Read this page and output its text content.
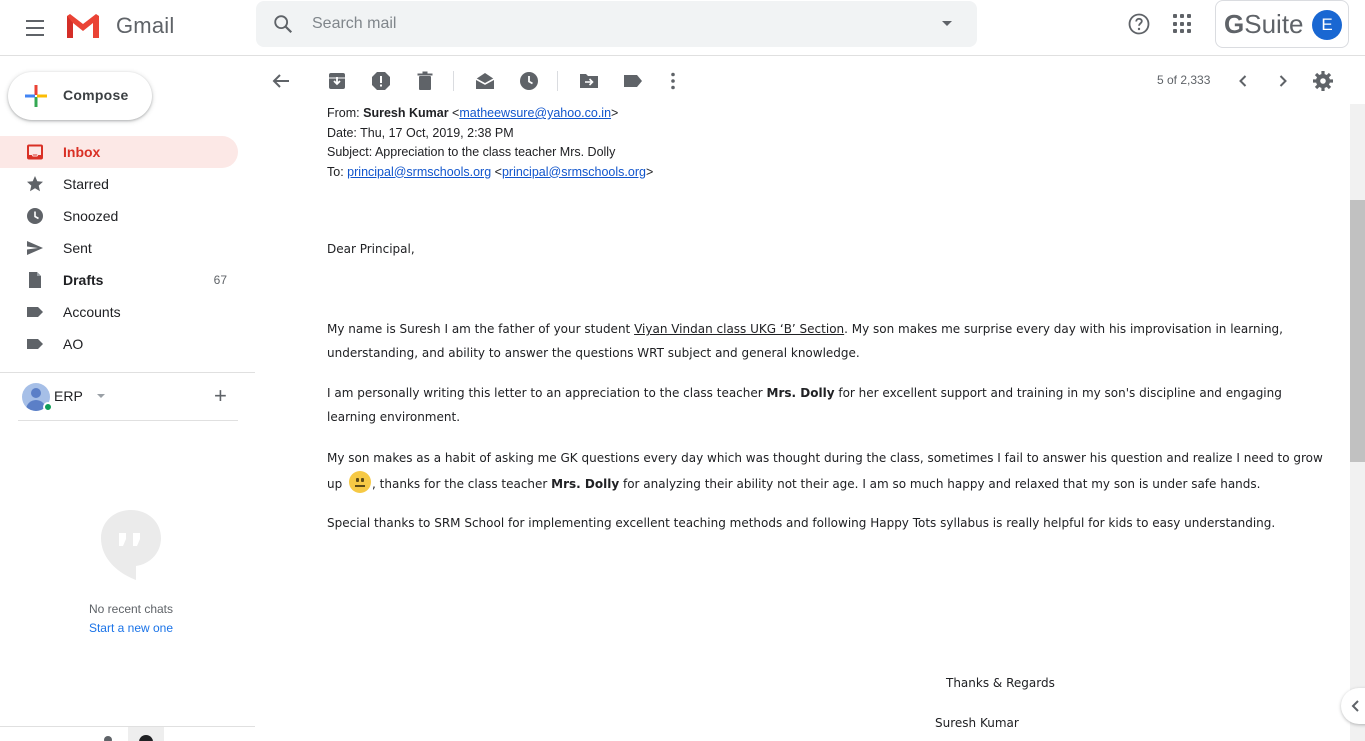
Gmail
Search mail	G Suite	E
Compose
Inbox
Starred
Snoozed
Sent
Drafts	67
Accounts
AO
ERP	+
No recent chats
Start a new one
5 of 2,333
From: Suresh Kumar <matheewsure@yahoo.co.in>
Date: Thu, 17 Oct, 2019, 2:38 PM
Subject: Appreciation to the class teacher Mrs. Dolly
To: principal@srmschools.org <principal@srmschools.org>
Dear Principal,
My name is Suresh I am the father of your student Viyan Vindan class UKG ‘B’ Section. My son makes me surprise every day with his improvisation in learning, understanding, and ability to answer the questions WRT subject and general knowledge.
I am personally writing this letter to an appreciation to the class teacher Mrs. Dolly for her excellent support and training in my son's discipline and engaging learning environment.
My son makes as a habit of asking me GK questions every day which was thought during the class, sometimes I fail to answer his question and realize I need to grow up
, thanks for the class teacher Mrs. Dolly for analyzing their ability not their age. I am so much happy and relaxed that my son is under safe hands.
Special thanks to SRM School for implementing excellent teaching methods and following Happy Tots syllabus is really helpful for kids to easy understanding.
Thanks & Regards
Suresh Kumar
